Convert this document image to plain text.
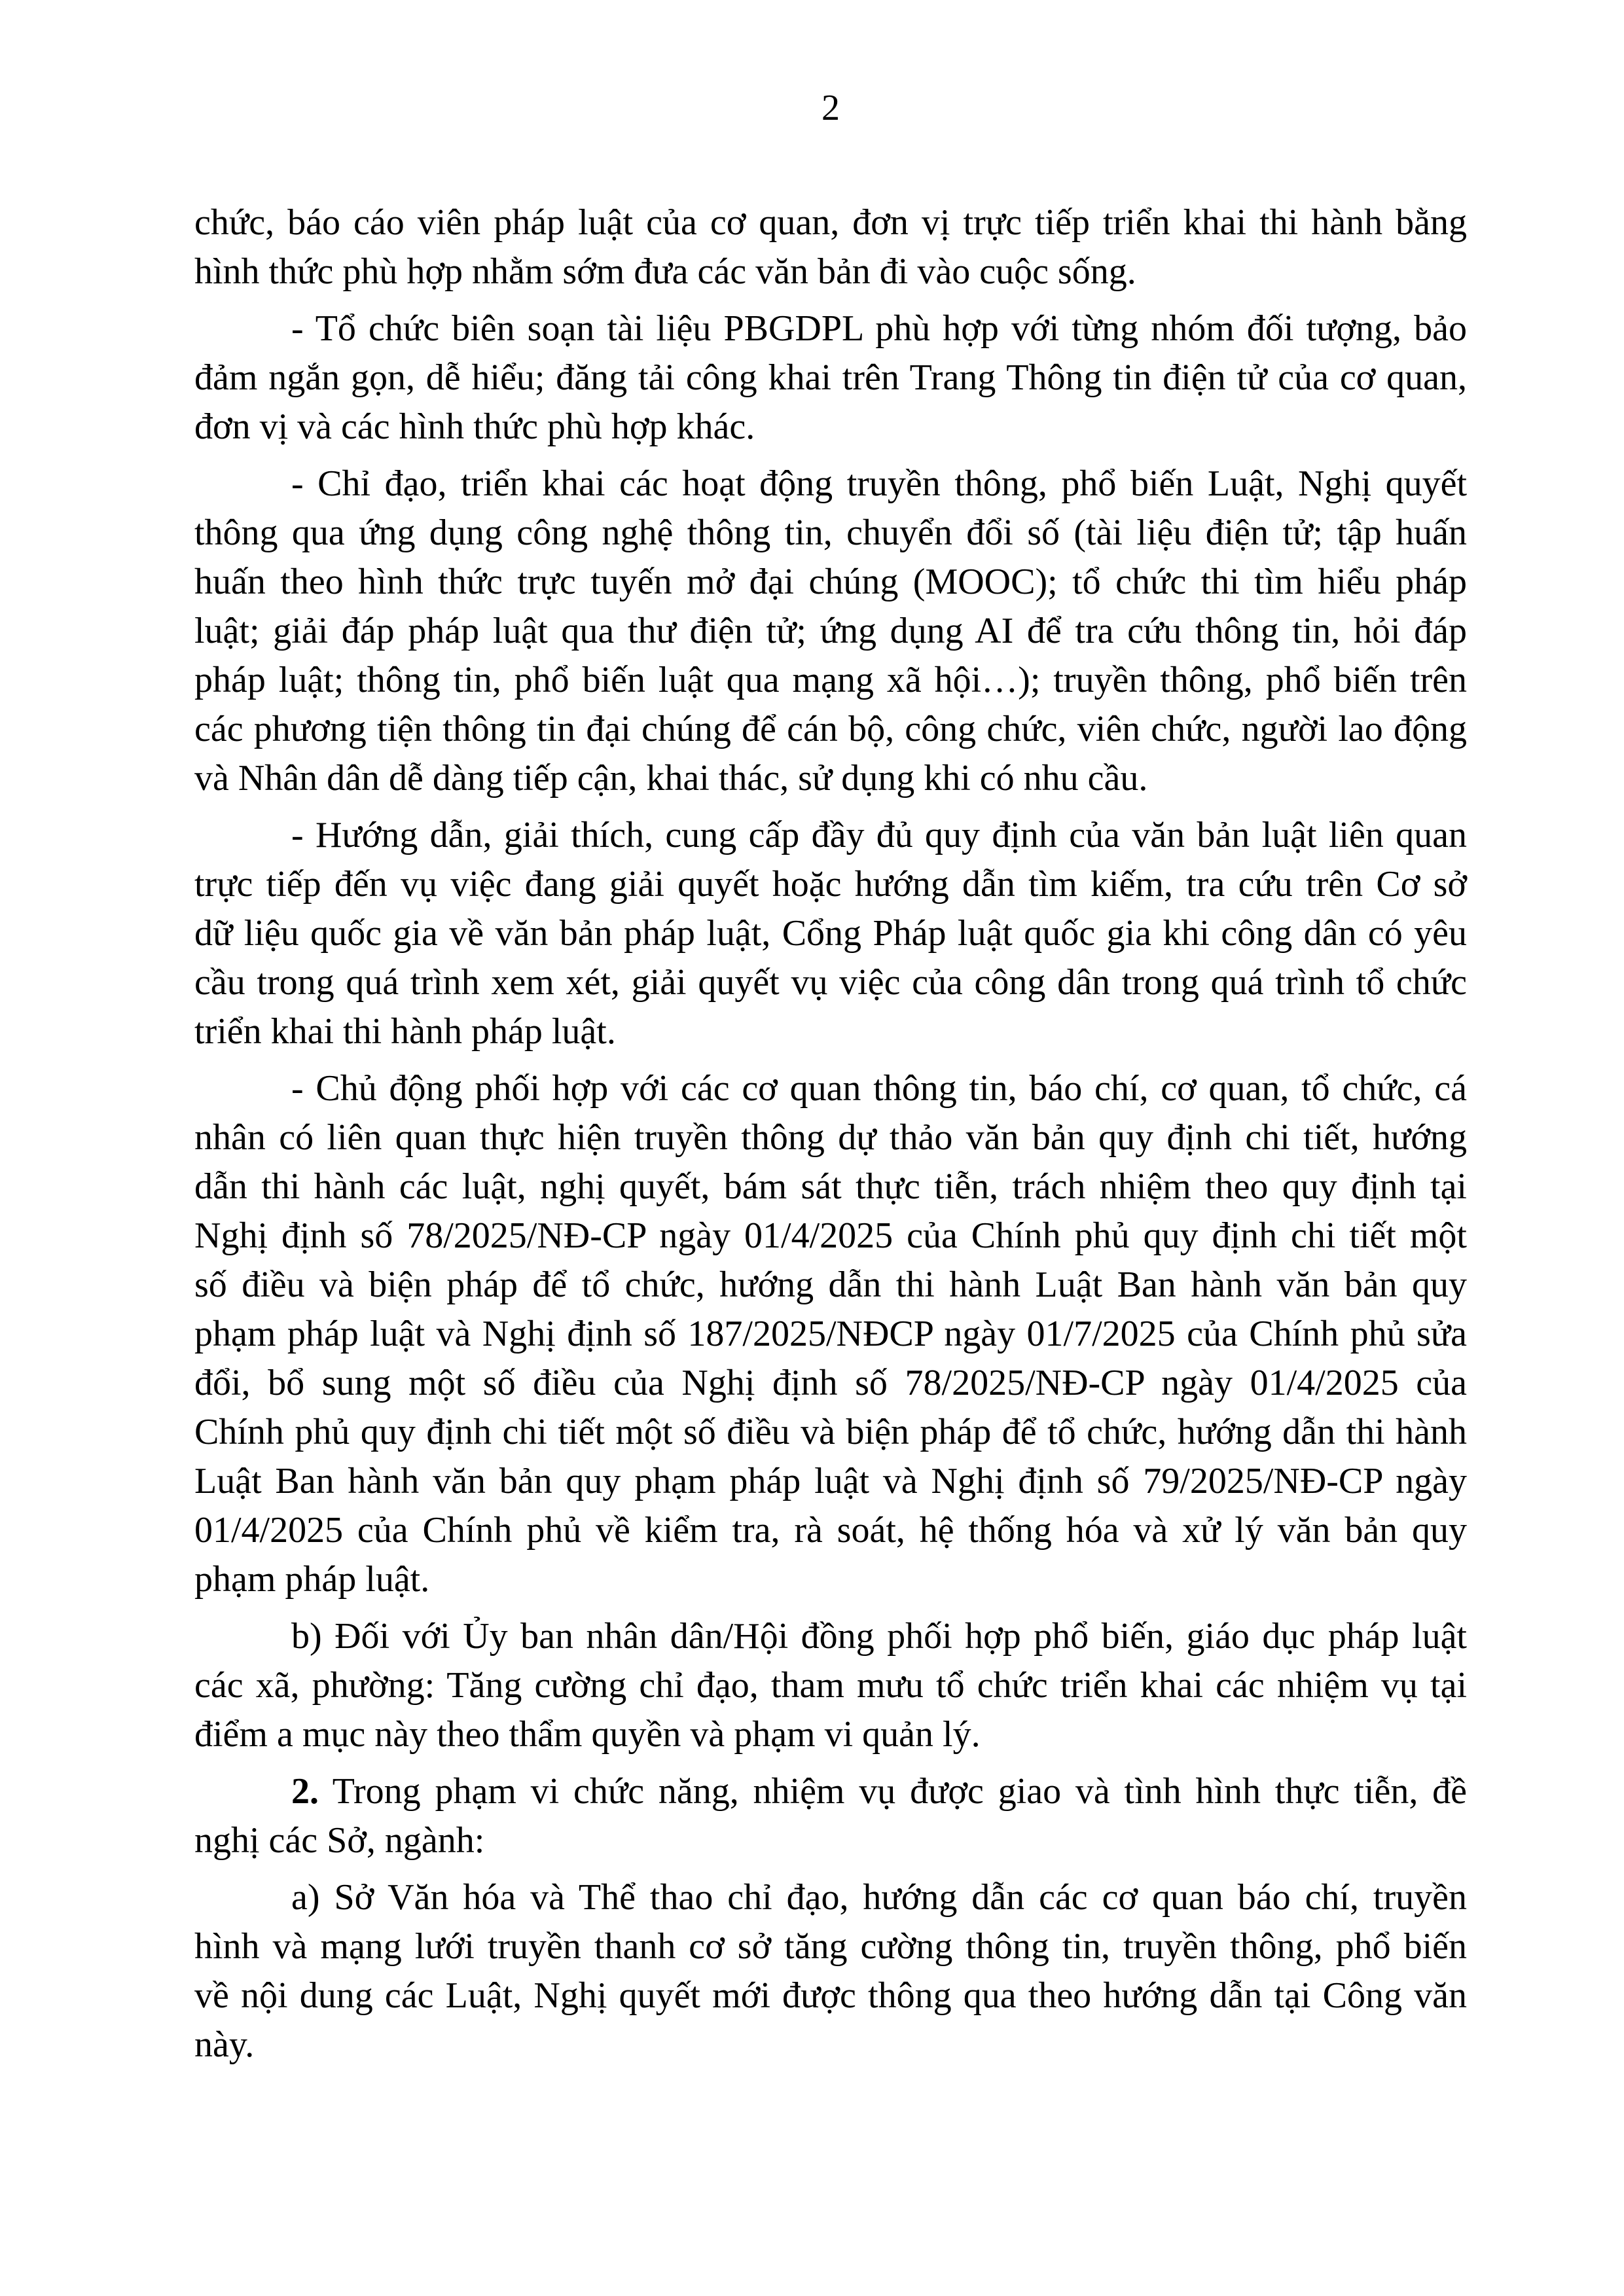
2
chức, báo cáo viên pháp luật của cơ quan, đơn vị trực tiếp triển khai thi hành bằng
hình thức phù hợp nhằm sớm đưa các văn bản đi vào cuộc sống.
- Tổ chức biên soạn tài liệu PBGDPL phù hợp với từng nhóm đối tượng, bảo
đảm ngắn gọn, dễ hiểu; đăng tải công khai trên Trang Thông tin điện tử của cơ quan,
đơn vị và các hình thức phù hợp khác.
- Chỉ đạo, triển khai các hoạt động truyền thông, phổ biến Luật, Nghị quyết
thông qua ứng dụng công nghệ thông tin, chuyển đổi số (tài liệu điện tử; tập huấn
huấn theo hình thức trực tuyến mở đại chúng (MOOC); tổ chức thi tìm hiểu pháp
luật; giải đáp pháp luật qua thư điện tử; ứng dụng AI để tra cứu thông tin, hỏi đáp
pháp luật; thông tin, phổ biến luật qua mạng xã hội…); truyền thông, phổ biến trên
các phương tiện thông tin đại chúng để cán bộ, công chức, viên chức, người lao động
và Nhân dân dễ dàng tiếp cận, khai thác, sử dụng khi có nhu cầu.
- Hướng dẫn, giải thích, cung cấp đầy đủ quy định của văn bản luật liên quan
trực tiếp đến vụ việc đang giải quyết hoặc hướng dẫn tìm kiếm, tra cứu trên Cơ sở
dữ liệu quốc gia về văn bản pháp luật, Cổng Pháp luật quốc gia khi công dân có yêu
cầu trong quá trình xem xét, giải quyết vụ việc của công dân trong quá trình tổ chức
triển khai thi hành pháp luật.
- Chủ động phối hợp với các cơ quan thông tin, báo chí, cơ quan, tổ chức, cá
nhân có liên quan thực hiện truyền thông dự thảo văn bản quy định chi tiết, hướng
dẫn thi hành các luật, nghị quyết, bám sát thực tiễn, trách nhiệm theo quy định tại
Nghị định số 78/2025/NĐ-CP ngày 01/4/2025 của Chính phủ quy định chi tiết một
số điều và biện pháp để tổ chức, hướng dẫn thi hành Luật Ban hành văn bản quy
phạm pháp luật và Nghị định số 187/2025/NĐCP ngày 01/7/2025 của Chính phủ sửa
đổi, bổ sung một số điều của Nghị định số 78/2025/NĐ-CP ngày 01/4/2025 của
Chính phủ quy định chi tiết một số điều và biện pháp để tổ chức, hướng dẫn thi hành
Luật Ban hành văn bản quy phạm pháp luật và Nghị định số 79/2025/NĐ-CP ngày
01/4/2025 của Chính phủ về kiểm tra, rà soát, hệ thống hóa và xử lý văn bản quy
phạm pháp luật.
b) Đối với Ủy ban nhân dân/Hội đồng phối hợp phổ biến, giáo dục pháp luật
các xã, phường: Tăng cường chỉ đạo, tham mưu tổ chức triển khai các nhiệm vụ tại
điểm a mục này theo thẩm quyền và phạm vi quản lý.
2. Trong phạm vi chức năng, nhiệm vụ được giao và tình hình thực tiễn, đề
nghị các Sở, ngành:
a) Sở Văn hóa và Thể thao chỉ đạo, hướng dẫn các cơ quan báo chí, truyền
hình và mạng lưới truyền thanh cơ sở tăng cường thông tin, truyền thông, phổ biến
về nội dung các Luật, Nghị quyết mới được thông qua theo hướng dẫn tại Công văn
này.
